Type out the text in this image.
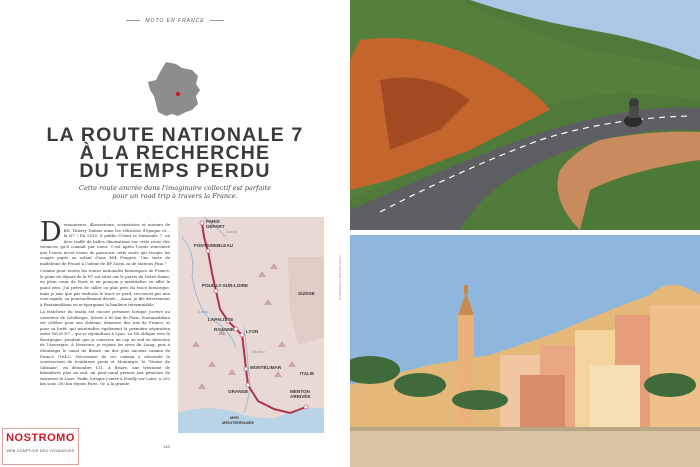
MOTO EN FRANCE
LA ROUTE NATIONALE 7
À LA RECHERCHE
DU TEMPS PERDU
Cette route ancrée dans l'imaginaire collectif est parfaite
pour un road trip à travers la France.

Dessinateurs, illustrateurs, scénaristes et auteurs de BD, Thierry Dubois aime les véhicules d'époque et… la N7 ! En 2010, il publie C'était la Nationale 7, un livre truffé de belles illustrations sur cette route des vacances qu'il connaît par cœur. C'est après l'avoir rencontré que l'envie m'est venue de parcourir cette route qui évoque les congés payés au volant d'une 404 Peugeot. Une sorte de madeleine de Proust à l'odeur de BP Zoom ou de stations Fina !

Comme pour toutes les routes nationales historiques de France, le point de départ de la N7 est situé sur le parvis de Notre-Dame, en plein cœur de Paris et un poinçon y matérialise en effet le point zéro. J'ai prévu de caller ou plus près du tracé historique, mais je sais que par endroits le tracé se perd, recouvert par une voie rapide, ou ponctuellement déviée… Aussi, je file directement à Fontainebleau en m'épargnant la banlieue interminable.

La fraîcheur du matin est encore présente lorsque j'arrive au carrefour de l'obélisque. Située à 60 km de Paris, Fontainebleau est célèbre pour son château, demeure des rois de France, et pour sa forêt, qui matérialise également la première séparation entre N6 et N7 – qui se rejoindront à Lyon. La N6 oblique vers la Bourgogne, pendant que je conserve un cap au sud en direction de l'Auvergne. À Nemours, je rejoins les rives du Loing, puis à Montargis le canal de Briare, un des plus anciens canaux de France (1642). Nécessaire de ces canaux a nécessité la construction de nombreux ponts et Montargis, la "Venise du Gâtinais", en dénombre 131. À Briare, une trentaine de kilomètres plus au sud, un pont-canal permet aux péniches de traverser la Loire. Enfin, lorsque j'entre à Pouilly-sur-Loire, à 200 km sous 200 km depuis Paris. Or, à la grande

PARIS
DÉPART
FONTAINEBLEAU
POUILLY-SUR-LOIRE
LAPALISSE
ROANNE	LYON
SUISSE
MONTÉLIMAR
ITALIE
ORANGE	MENTON
ARRIVÉE
MER
MÉDITERRANÉE
Seine
Loire
Rhône
148
NOSTROMO
WEB COMPTOIR DES VOYAGEURS
© Visit Menton / Stéphane Verrou
